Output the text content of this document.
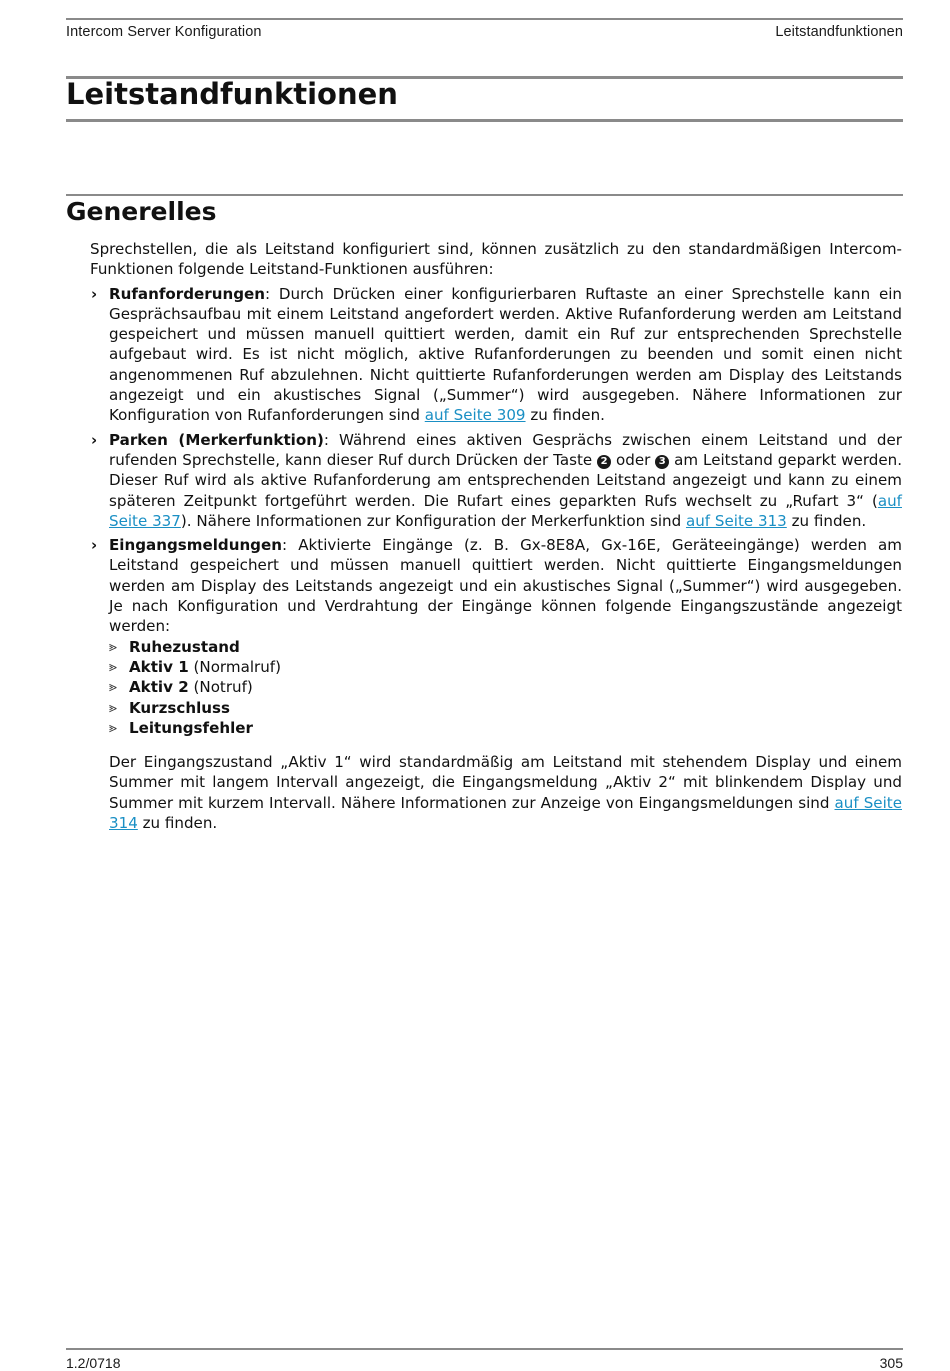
Intercom Server Konfiguration	Leitstandfunktionen
Leitstandfunktionen
Generelles

Sprechstellen, die als Leitstand konfiguriert sind, können zusätzlich zu den standardmäßigen Intercom-Funktionen folgende Leitstand-Funktionen ausführen:

› Rufanforderungen: Durch Drücken einer konfigurierbaren Ruftaste an einer Sprechstelle kann ein Gesprächsaufbau mit einem Leitstand angefordert werden. Aktive Rufanforderung werden am Leitstand gespeichert und müssen manuell quittiert werden, damit ein Ruf zur entsprechenden Sprechstelle aufgebaut wird. Es ist nicht möglich, aktive Rufanforderungen zu beenden und somit einen nicht angenommenen Ruf abzulehnen. Nicht quittierte Rufanforderungen werden am Display des Leitstands angezeigt und ein akustisches Signal („Summer“) wird ausgegeben. Nähere Informationen zur Konfiguration von Rufanforderungen sind auf Seite 309 zu finden.
› Parken (Merkerfunktion): Während eines aktiven Gesprächs zwischen einem Leitstand und der rufenden Sprechstelle, kann dieser Ruf durch Drücken der Taste 2 oder 3 am Leitstand geparkt werden. Dieser Ruf wird als aktive Rufanforderung am entsprechenden Leitstand angezeigt und kann zu einem späteren Zeitpunkt fortgeführt werden. Die Rufart eines geparkten Rufs wechselt zu „Rufart 3“ (auf Seite 337). Nähere Informationen zur Konfiguration der Merkerfunktion sind auf Seite 313 zu finden.
› Eingangsmeldungen: Aktivierte Eingänge (z. B. Gx-8E8A, Gx-16E, Geräteeingänge) werden am Leitstand gespeichert und müssen manuell quittiert werden. Nicht quittierte Eingangsmeldungen werden am Display des Leitstands angezeigt und ein akustisches Signal („Summer“) wird ausgegeben. Je nach Konfiguration und Verdrahtung der Eingänge können folgende Eingangszustände angezeigt werden:
⪢ Ruhezustand
⪢ Aktiv 1 (Normalruf)
⪢ Aktiv 2 (Notruf)
⪢ Kurzschluss
⪢ Leitungsfehler

Der Eingangszustand „Aktiv 1“ wird standardmäßig am Leitstand mit stehendem Display und einem Summer mit langem Intervall angezeigt, die Eingangsmeldung „Aktiv 2“ mit blinkendem Display und Summer mit kurzem Intervall. Nähere Informationen zur Anzeige von Eingangsmeldungen sind auf Seite 314 zu finden.

1.2/0718	305
